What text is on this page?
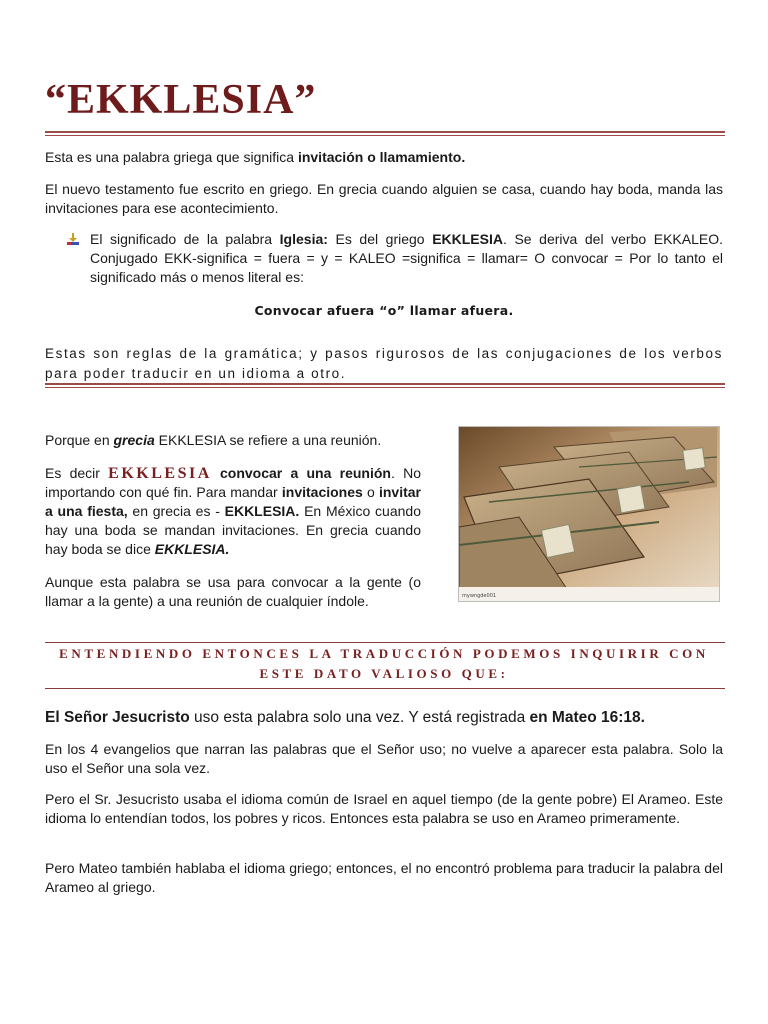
“EKKLESIA”

Esta es una palabra griega que significa invitación o llamamiento.

El nuevo testamento fue escrito en griego. En grecia cuando alguien se casa, cuando hay boda, manda las invitaciones para ese acontecimiento.

El significado de la palabra Iglesia: Es del griego EKKLESIA. Se deriva del verbo EKKALEO. Conjugado EKK-significa = fuera = y = KALEO =significa = llamar= O convocar = Por lo tanto el significado más o menos literal es:

Convocar afuera “o” llamar afuera.

Estas son reglas de la gramática; y pasos rigurosos de las conjugaciones de los verbos para poder traducir en un idioma a otro.

Porque en grecia EKKLESIA se refiere a una reunión.

Es decir EKKLESIA convocar a una reunión. No importando con qué fin. Para mandar invitaciones o invitar a una fiesta, en grecia es - EKKLESIA. En México cuando hay una boda se mandan invitaciones. En grecia cuando hay boda se dice EKKLESIA.

Aunque esta palabra se usa para convocar a la gente (o llamar a la gente) a una reunión de cualquier índole.	mywngde001

ENTENDIENDO ENTONCES LA TRADUCCIÓN PODEMOS INQUIRIR CON ESTE DATO VALIOSO QUE:

El Señor Jesucristo uso esta palabra solo una vez. Y está registrada en Mateo 16:18.

En los 4 evangelios que narran las palabras que el Señor uso; no vuelve a aparecer esta palabra. Solo la uso el Señor una sola vez.

Pero el Sr. Jesucristo usaba el idioma común de Israel en aquel tiempo (de la gente pobre) El Arameo. Este idioma lo entendían todos, los pobres y ricos. Entonces esta palabra se uso en Arameo primeramente.

Pero Mateo también hablaba el idioma griego; entonces, el no encontró problema para traducir la palabra del Arameo al griego.
